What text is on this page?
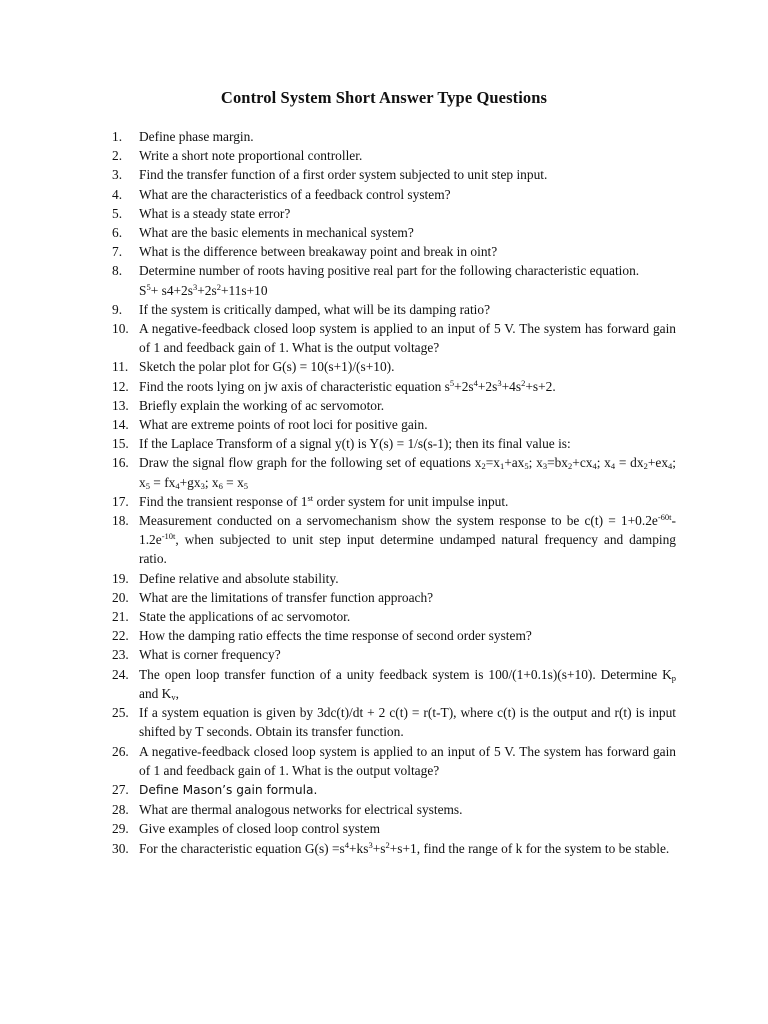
Control System Short Answer Type Questions
1.	Define phase margin.
2.	Write a short note proportional controller.
3.	Find the transfer function of a first order system subjected to unit step input.
4.	What are the characteristics of a feedback control system?
5.	What is a steady state error?
6.	What are the basic elements in mechanical system?
7.	What is the difference between breakaway point and break in oint?
8.	Determine number of roots having positive real part for the following characteristic equation.
$S^5+ s4+2s^3+2s^2+11s+10$
9.	If the system is critically damped, what will be its damping ratio?
10. A negative-feedback closed loop system is applied to an input of 5 V. The system has forward gain of 1 and feedback gain of 1. What is the output voltage?
11. Sketch the polar plot for G(s) = 10(s+1)/(s+10).
12. Find the roots lying on jw axis of characteristic equation $s^5+2s^4+2s^3+4s^2+s+2$.
13. Briefly explain the working of ac servomotor.
14. What are extreme points of root loci for positive gain.
15. If the Laplace Transform of a signal y(t) is Y(s) = 1/s(s-1); then its final value is:
16. Draw the signal flow graph for the following set of equations $x_2=x_1+ax_5$; $x_3=bx_2+cx_4$; $x_4 = dx_2+ex_4$; $x_5 = fx_4+gx_3$; $x_6 = x_5$
17. Find the transient response of 1st order system for unit impulse input.
18. Measurement conducted on a servomechanism show the system response to be $c(t) = 1+0.2e^{-60t}-1.2e^{-10t}$, when subjected to unit step input determine undamped natural frequency and damping ratio.
19. Define relative and absolute stability.
20. What are the limitations of transfer function approach?
21. State the applications of ac servomotor.
22. How the damping ratio effects the time response of second order system?
23. What is corner frequency?
24. The open loop transfer function of a unity feedback system is 100/(1+0.1s)(s+10). Determine $K_p$ and $K_v$,
25. If a system equation is given by 3dc(t)/dt + 2 c(t) = r(t-T), where c(t) is the output and r(t) is input shifted by T seconds. Obtain its transfer function.
26. A negative-feedback closed loop system is applied to an input of 5 V. The system has forward gain of 1 and feedback gain of 1. What is the output voltage?
27. Define Mason’s gain formula.
28. What are thermal analogous networks for electrical systems.
29. Give examples of closed loop control system
30. For the characteristic equation $G(s) =s^4+ks^3+s^2+s+1$, find the range of k for the system to be stable.
